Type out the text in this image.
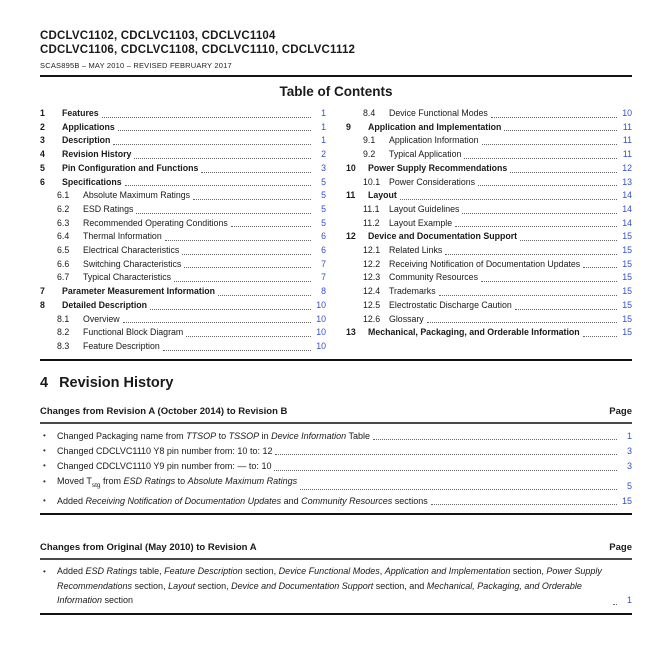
CDCLVC1102, CDCLVC1103, CDCLVC1104
CDCLVC1106, CDCLVC1108, CDCLVC1110, CDCLVC1112
SCAS895B – MAY 2010 – REVISED FEBRUARY 2017
Table of Contents
1	Features	1
2	Applications	1
3	Description	1
4	Revision History	2
5	Pin Configuration and Functions	3
6	Specifications	5
6.1	Absolute Maximum Ratings	5
6.2	ESD Ratings	5
6.3	Recommended Operating Conditions	5
6.4	Thermal Information	6
6.5	Electrical Characteristics	6
6.6	Switching Characteristics	7
6.7	Typical Characteristics	7
7	Parameter Measurement Information	8
8	Detailed Description	10
8.1	Overview	10
8.2	Functional Block Diagram	10
8.3	Feature Description	10
8.4	Device Functional Modes	10
9	Application and Implementation	11
9.1	Application Information	11
9.2	Typical Application	11
10	Power Supply Recommendations	12
10.1	Power Considerations	13
11	Layout	14
11.1	Layout Guidelines	14
11.2	Layout Example	14
12	Device and Documentation Support	15
12.1	Related Links	15
12.2	Receiving Notification of Documentation Updates	15
12.3	Community Resources	15
12.4	Trademarks	15
12.5	Electrostatic Discharge Caution	15
12.6	Glossary	15
13	Mechanical, Packaging, and Orderable Information	15
4 Revision History
Changes from Revision A (October 2014) to Revision B	Page
•
Changed Packaging name from TTSOP to TSSOP in Device Information Table	1
•
Changed CDCLVC1110 Y8 pin number from: 10 to: 12	3
•
Changed CDCLVC1110 Y9 pin number from: — to: 10	3
•
Moved $T_{stg}$ from ESD Ratings to Absolute Maximum Ratings	5
•
Added Receiving Notification of Documentation Updates and Community Resources sections	15
Changes from Original (May 2010) to Revision A	Page
•
Added ESD Ratings table, Feature Description section, Device Functional Modes, Application and Implementation section, Power Supply Recommendations section, Layout section, Device and Documentation Support section, and Mechanical, Packaging, and Orderable Information section	1
